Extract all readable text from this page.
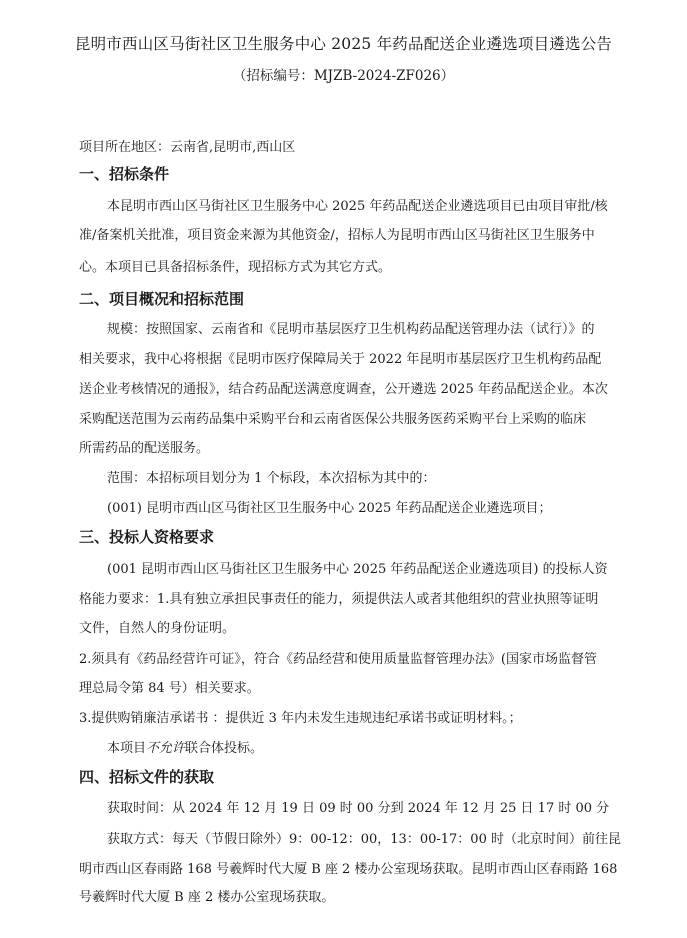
昆明市西山区马街社区卫生服务中心 2025 年药品配送企业遴选项目遴选公告
（招标编号：MJZB-2024-ZF026）
项目所在地区：云南省,昆明市,西山区
一、招标条件
本昆明市西山区马街社区卫生服务中心 2025 年药品配送企业遴选项目已由项目审批/核
准/备案机关批准，项目资金来源为其他资金/，招标人为昆明市西山区马街社区卫生服务中
心。本项目已具备招标条件，现招标方式为其它方式。
二、项目概况和招标范围
规模：按照国家、云南省和《昆明市基层医疗卫生机构药品配送管理办法（试行）》的
相关要求，我中心将根据《昆明市医疗保障局关于 2022 年昆明市基层医疗卫生机构药品配
送企业考核情况的通报》，结合药品配送满意度调查，公开遴选 2025 年药品配送企业。本次
采购配送范围为云南药品集中采购平台和云南省医保公共服务医药采购平台上采购的临床
所需药品的配送服务。
范围：本招标项目划分为 1 个标段，本次招标为其中的：
(001) 昆明市西山区马街社区卫生服务中心 2025 年药品配送企业遴选项目；
三、投标人资格要求
(001 昆明市西山区马街社区卫生服务中心 2025 年药品配送企业遴选项目) 的投标人资
格能力要求：1.具有独立承担民事责任的能力，须提供法人或者其他组织的营业执照等证明
文件，自然人的身份证明。
2.须具有《药品经营许可证》，符合《药品经营和使用质量监督管理办法》(国家市场监督管
理总局令第 84 号）相关要求。
3.提供购销廉洁承诺书 ：提供近 3 年内未发生违规违纪承诺书或证明材料。；
本项目不允许联合体投标。
四、招标文件的获取
获取时间：从 2024 年 12 月 19 日 09 时 00 分到 2024 年 12 月 25 日 17 时 00 分
获取方式：每天（节假日除外）9：00-12：00，13：00-17：00 时（北京时间）前往昆
明市西山区春雨路 168 号羲辉时代大厦 B 座 2 楼办公室现场获取。昆明市西山区春雨路 168
号羲辉时代大厦 B 座 2 楼办公室现场获取。
